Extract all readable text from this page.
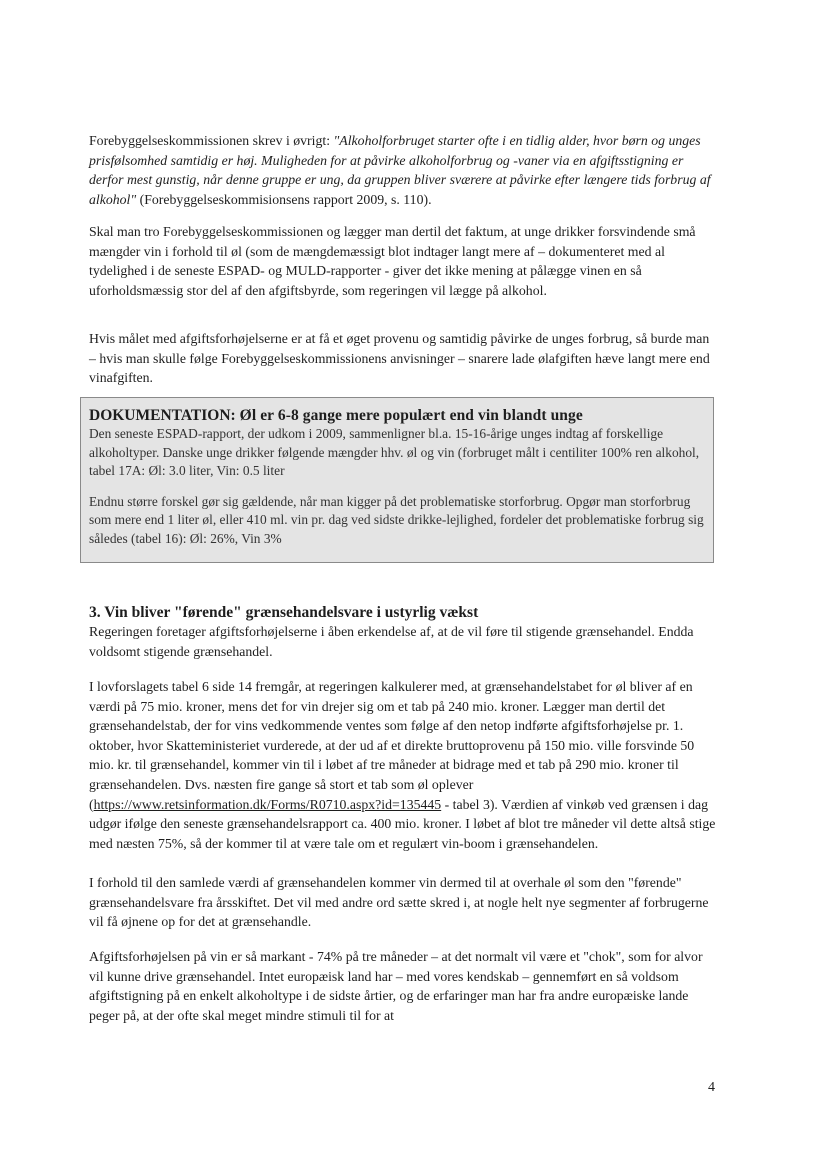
Forebyggelseskommissionen skrev i øvrigt: "Alkoholforbruget starter ofte i en tidlig alder, hvor børn og unges prisfølsomhed samtidig er høj. Muligheden for at påvirke alkoholforbrug og -vaner via en afgiftsstigning er derfor mest gunstig, når denne gruppe er ung, da gruppen bliver sværere at påvirke efter længere tids forbrug af alkohol" (Forebyggelseskommisionsens rapport 2009, s. 110).

Skal man tro Forebyggelseskommissionen og lægger man dertil det faktum, at unge drikker forsvindende små mængder vin i forhold til øl (som de mængdemæssigt blot indtager langt mere af – dokumenteret med al tydelighed i de seneste ESPAD- og MULD-rapporter - giver det ikke mening at pålægge vinen en så uforholdsmæssig stor del af den afgiftsbyrde, som regeringen vil lægge på alkohol.

Hvis målet med afgiftsforhøjelserne er at få et øget provenu og samtidig påvirke de unges forbrug, så burde man – hvis man skulle følge Forebyggelseskommissionens anvisninger – snarere lade ølafgiften hæve langt mere end vinafgiften.

DOKUMENTATION: Øl er 6-8 gange mere populært end vin blandt unge

Den seneste ESPAD-rapport, der udkom i 2009, sammenligner bl.a. 15-16-årige unges indtag af forskellige alkoholtyper. Danske unge drikker følgende mængder hhv. øl og vin (forbruget målt i centiliter 100% ren alkohol, tabel 17A: Øl: 3.0 liter, Vin: 0.5 liter

Endnu større forskel gør sig gældende, når man kigger på det problematiske storforbrug. Opgør man storforbrug som mere end 1 liter øl, eller 410 ml. vin pr. dag ved sidste drikke-lejlighed, fordeler det problematiske forbrug sig således (tabel 16): Øl: 26%, Vin 3%

3. Vin bliver "førende" grænsehandelsvare i ustyrlig vækst

Regeringen foretager afgiftsforhøjelserne i åben erkendelse af, at de vil føre til stigende grænsehandel. Endda voldsomt stigende grænsehandel.

I lovforslagets tabel 6 side 14 fremgår, at regeringen kalkulerer med, at grænsehandelstabet for øl bliver af en værdi på 75 mio. kroner, mens det for vin drejer sig om et tab på 240 mio. kroner. Lægger man dertil det grænsehandelstab, der for vins vedkommende ventes som følge af den netop indførte afgiftsforhøjelse pr. 1. oktober, hvor Skatteministeriet vurderede, at der ud af et direkte bruttoprovenu på 150 mio. ville forsvinde 50 mio. kr. til grænsehandel, kommer vin til i løbet af tre måneder at bidrage med et tab på 290 mio. kroner til grænsehandelen. Dvs. næsten fire gange så stort et tab som øl oplever (https://www.retsinformation.dk/Forms/R0710.aspx?id=135445 - tabel 3). Værdien af vinkøb ved grænsen i dag udgør ifølge den seneste grænsehandelsrapport ca. 400 mio. kroner. I løbet af blot tre måneder vil dette altså stige med næsten 75%, så der kommer til at være tale om et regulært vin-boom i grænsehandelen.

I forhold til den samlede værdi af grænsehandelen kommer vin dermed til at overhale øl som den "førende" grænsehandelsvare fra årsskiftet. Det vil med andre ord sætte skred i, at nogle helt nye segmenter af forbrugerne vil få øjnene op for det at grænsehandle.

Afgiftsforhøjelsen på vin er så markant - 74% på tre måneder – at det normalt vil være et "chok", som for alvor vil kunne drive grænsehandel. Intet europæisk land har – med vores kendskab – gennemført en så voldsom afgiftstigning på en enkelt alkoholtype i de sidste årtier, og de erfaringer man har fra andre europæiske lande peger på, at der ofte skal meget mindre stimuli til for at

4
